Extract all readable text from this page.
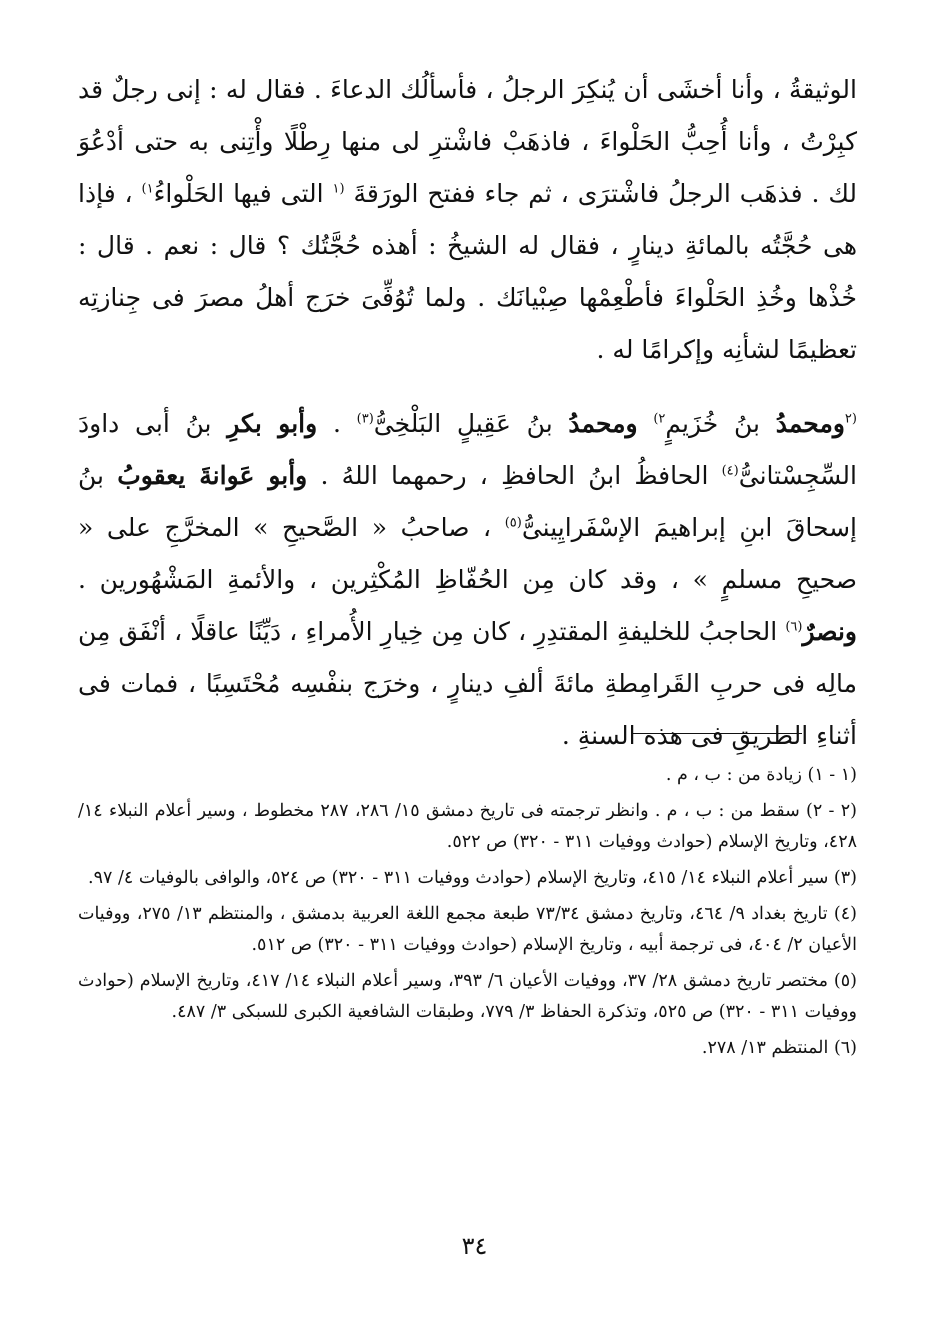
الوثيقةُ ، وأنا أخشَى أن يُنكِرَ الرجلُ ، فأسألُك الدعاءَ . فقال له : إنى رجلٌ قد كبِرْتُ ، وأنا أُحِبُّ الحَلْواءَ ، فاذهَبْ فاشْترِ لى منها رِطْلًا وأْتِنى به حتى أدْعُوَ لك . فذهَب الرجلُ فاشْترَى ، ثم جاء ففتح الورَقةَ $^{(١}$ التى فيها الحَلْواءُ$^{١)}$ ، فإذا هى حُجَّتُه بالمائةِ دينارٍ ، فقال له الشيخُ : أهذه حُجَّتُك ؟ قال : نعم . قال : خُذْها وخُذِ الحَلْواءَ فأطْعِمْها صِبْيانَك . ولما تُوُفِّىَ خرَج أهلُ مصرَ فى جِنازتِه تعظيمًا لشأنِه وإكرامًا له .

$^{(٢}$ومحمدُ بنُ خُزَيمٍ$^{٢)}$ ومحمدُ بنُ عَقِيلٍ البَلْخِىُّ$^{(٣)}$ . وأبو بكرِ بنُ أبى داودَ السِّجِسْتانىُّ$^{(٤)}$ الحافظُ ابنُ الحافظِ ، رحمهما اللهُ . وأبو عَوانةَ يعقوبُ بنُ إسحاقَ ابنِ إبراهيمَ الإسْفَرايِينىُّ$^{(٥)}$ ، صاحبُ « الصَّحيحِ » المخرَّجِ على « صحيحِ مسلمٍ » ، وقد كان مِن الحُفّاظِ المُكْثِرين ، والأئمةِ المَشْهُورين . ونصرٌ$^{(٦)}$ الحاجبُ للخليفةِ المقتدِرِ ، كان مِن خِيارِ الأُمراءِ ، دَيِّنًا عاقلًا ، أنْفَق مِن مالِه فى حربِ القَرامِطةِ مائةَ ألفِ دينارٍ ، وخرَج بنفْسِه مُحْتَسِبًا ، فمات فى أثناءِ الطريقِ فى هذه السنةِ .

(١ - ١) زيادة من : ب ، م .

(٢ - ٢) سقط من : ب ، م . وانظر ترجمته فى تاريخ دمشق ١٥/ ٢٨٦، ٢٨٧ مخطوط ، وسير أعلام النبلاء ١٤/ ٤٢٨، وتاريخ الإسلام (حوادث ووفيات ٣١١ - ٣٢٠) ص ٥٢٢.

(٣) سير أعلام النبلاء ١٤/ ٤١٥، وتاريخ الإسلام (حوادث ووفيات ٣١١ - ٣٢٠) ص ٥٢٤، والوافى بالوفيات ٤/ ٩٧.

(٤) تاريخ بغداد ٩/ ٤٦٤، وتاريخ دمشق ٧٣/٣٤ طبعة مجمع اللغة العربية بدمشق ، والمنتظم ١٣/ ٢٧٥، ووفيات الأعيان ٢/ ٤٠٤، فى ترجمة أبيه ، وتاريخ الإسلام (حوادث ووفيات ٣١١ - ٣٢٠) ص ٥١٢.

(٥) مختصر تاريخ دمشق ٢٨/ ٣٧، ووفيات الأعيان ٦/ ٣٩٣، وسير أعلام النبلاء ١٤/ ٤١٧، وتاريخ الإسلام (حوادث ووفيات ٣١١ - ٣٢٠) ص ٥٢٥، وتذكرة الحفاظ ٣/ ٧٧٩، وطبقات الشافعية الكبرى للسبكى ٣/ ٤٨٧.

(٦) المنتظم ١٣/ ٢٧٨.

٣٤
